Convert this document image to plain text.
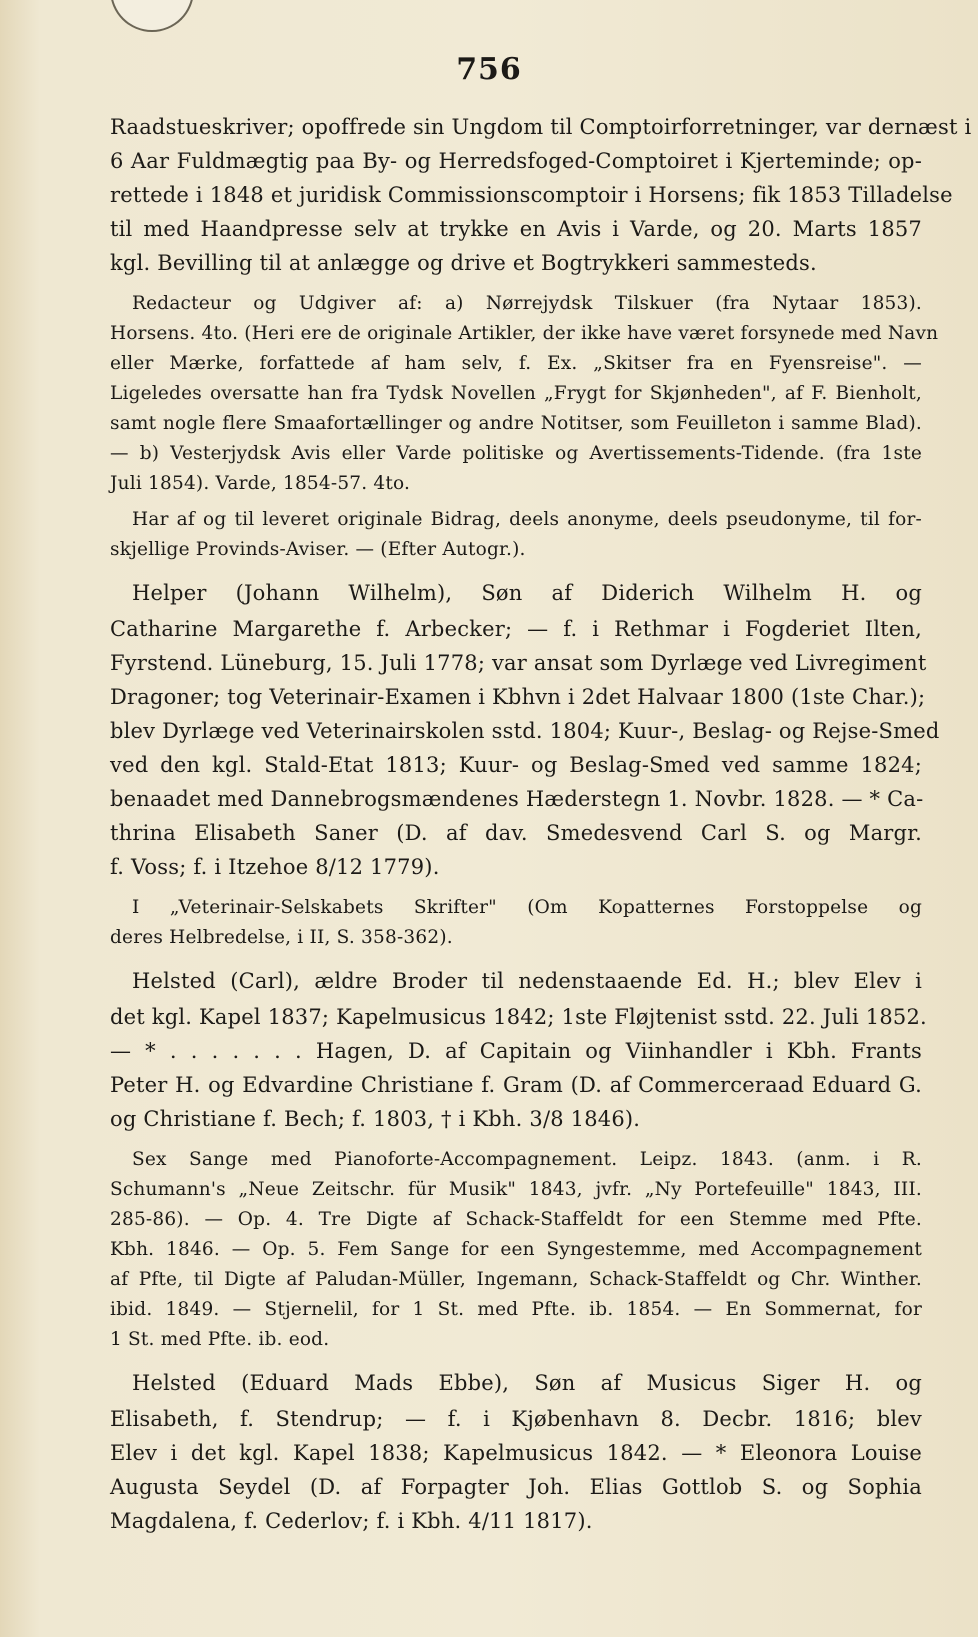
756
Raadstueskriver; opoffrede sin Ungdom til Comptoirforretninger, var dernæst i
6 Aar Fuldmægtig paa By- og Herredsfoged-Comptoiret i Kjerteminde; op-
rettede i 1848 et juridisk Commissionscomptoir i Horsens; fik 1853 Tilladelse
til med Haandpresse selv at trykke en Avis i Varde, og 20. Marts 1857
kgl. Bevilling til at anlægge og drive et Bogtrykkeri sammesteds.
Redacteur og Udgiver af: a) Nørrejydsk Tilskuer (fra Nytaar 1853).
Horsens. 4to. (Heri ere de originale Artikler, der ikke have været forsynede med Navn
eller Mærke, forfattede af ham selv, f. Ex. „Skitser fra en Fyensreise". —
Ligeledes oversatte han fra Tydsk Novellen „Frygt for Skjønheden", af F. Bienholt,
samt nogle flere Smaafortællinger og andre Notitser, som Feuilleton i samme Blad).
— b) Vesterjydsk Avis eller Varde politiske og Avertissements-Tidende. (fra 1ste
Juli 1854). Varde, 1854-57. 4to.
Har af og til leveret originale Bidrag, deels anonyme, deels pseudonyme, til for-
skjellige Provinds-Aviser. — (Efter Autogr.).
Helper (Johann Wilhelm), Søn af Diderich Wilhelm H. og
Catharine Margarethe f. Arbecker; — f. i Rethmar i Fogderiet Ilten,
Fyrstend. Lüneburg, 15. Juli 1778; var ansat som Dyrlæge ved Livregiment
Dragoner; tog Veterinair-Examen i Kbhvn i 2det Halvaar 1800 (1ste Char.);
blev Dyrlæge ved Veterinairskolen sstd. 1804; Kuur-, Beslag- og Rejse-Smed
ved den kgl. Stald-Etat 1813; Kuur- og Beslag-Smed ved samme 1824;
benaadet med Dannebrogsmændenes Hæderstegn 1. Novbr. 1828. — * Ca-
thrina Elisabeth Saner (D. af dav. Smedesvend Carl S. og Margr.
f. Voss; f. i Itzehoe 8/12 1779).
I „Veterinair-Selskabets Skrifter" (Om Kopatternes Forstoppelse og
deres Helbredelse, i II, S. 358-362).
Helsted (Carl), ældre Broder til nedenstaaende Ed. H.; blev Elev i
det kgl. Kapel 1837; Kapelmusicus 1842; 1ste Fløjtenist sstd. 22. Juli 1852.
— * . . . . . . . Hagen, D. af Capitain og Viinhandler i Kbh. Frants
Peter H. og Edvardine Christiane f. Gram (D. af Commerceraad Eduard G.
og Christiane f. Bech; f. 1803, † i Kbh. 3/8 1846).
Sex Sange med Pianoforte-Accompagnement. Leipz. 1843. (anm. i R.
Schumann's „Neue Zeitschr. für Musik" 1843, jvfr. „Ny Portefeuille" 1843, III.
285-86). — Op. 4. Tre Digte af Schack-Staffeldt for een Stemme med Pfte.
Kbh. 1846. — Op. 5. Fem Sange for een Syngestemme, med Accompagnement
af Pfte, til Digte af Paludan-Müller, Ingemann, Schack-Staffeldt og Chr. Winther.
ibid. 1849. — Stjernelil, for 1 St. med Pfte. ib. 1854. — En Sommernat, for
1 St. med Pfte. ib. eod.
Helsted (Eduard Mads Ebbe), Søn af Musicus Siger H. og
Elisabeth, f. Stendrup; — f. i Kjøbenhavn 8. Decbr. 1816; blev
Elev i det kgl. Kapel 1838; Kapelmusicus 1842. — * Eleonora Louise
Augusta Seydel (D. af Forpagter Joh. Elias Gottlob S. og Sophia
Magdalena, f. Cederlov; f. i Kbh. 4/11 1817).
